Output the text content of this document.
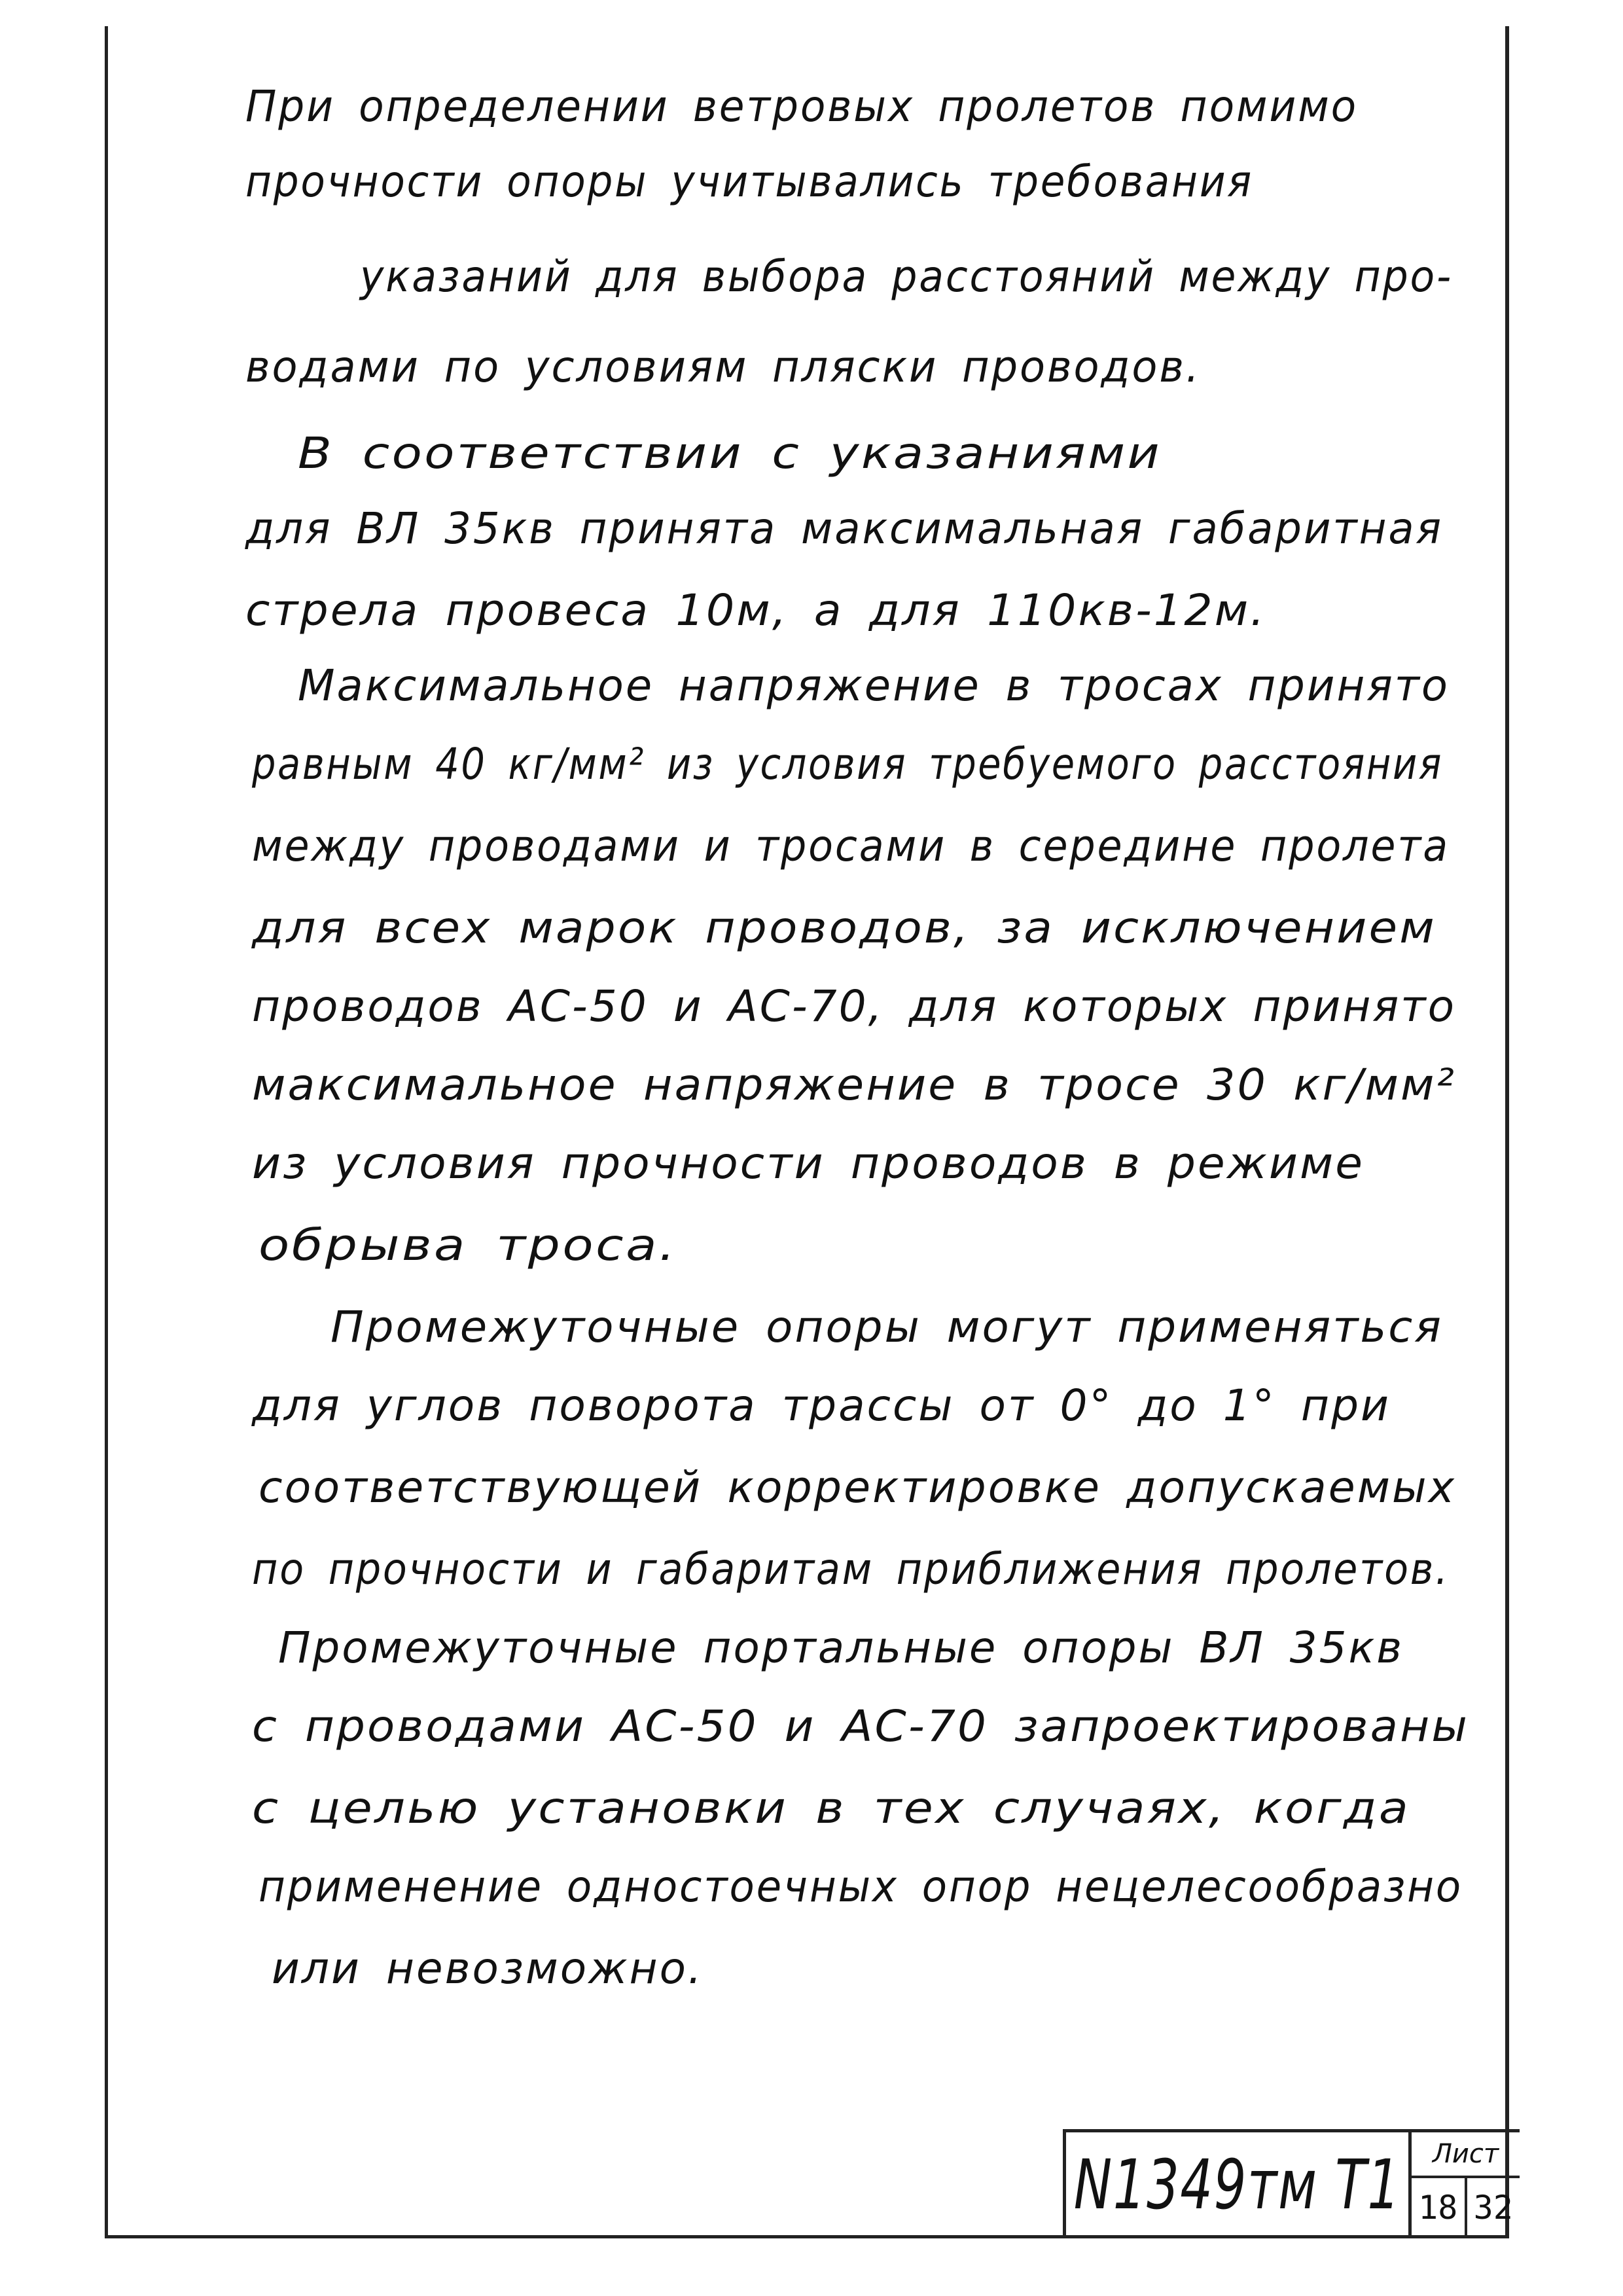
При определении ветровых пролетов помимо
прочности опоры учитывались требования
указаний для выбора расстояний между про-
водами по условиям пляски проводов.
В соответствии с указаниями
для ВЛ 35кв принята максимальная габаритная
стрела провеса 10м, а для 110кв-12м.
Максимальное напряжение в тросах принято
равным 40 кг/мм² из условия требуемого расстояния
между проводами и тросами в середине пролета
для всех марок проводов, за исключением
проводов АС-50 и АС-70, для которых принято
максимальное напряжение в тросе 30 кг/мм²
из условия прочности проводов в режиме
обрыва троса.
Промежуточные опоры могут применяться
для углов поворота трассы от 0° до 1° при
соответствующей корректировке допускаемых
по прочности и габаритам приближения пролетов.
Промежуточные портальные опоры ВЛ 35кв
с проводами АС-50 и АС-70 запроектированы
с целью установки в тех случаях, когда
применение одностоечных опор нецелесообразно
или невозможно.
N1349тм Т1	Лист
18 32
